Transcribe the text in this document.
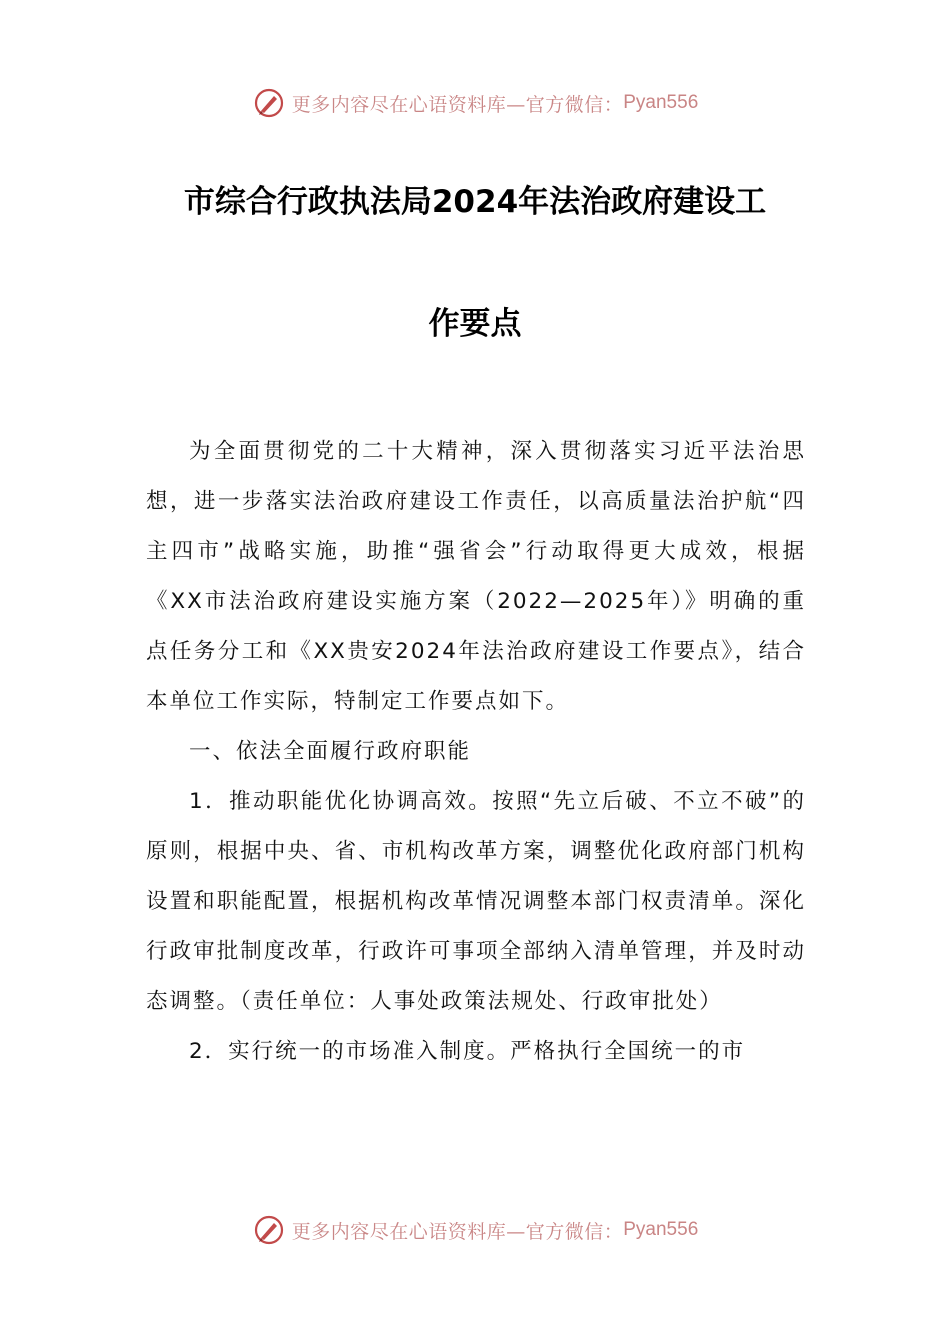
更多内容尽在心语资料库—官方微信： Pyan556
市综合行政执法局2024年法治政府建设工
作要点

为全面贯彻党的二十大精神，深入贯彻落实习近平法治思　想，进一步落实法治政府建设工作责任，以高质量法治护航“四主四市”战略实施，助推“强省会”行动取得更大成效，根据《XX市法治政府建设实施方案（2022—2025年）》明确的重点任务分工和《XX贵安2024年法治政府建设工作要点》，结合本单位工作实际，特制定工作要点如下。

一、依法全面履行政府职能

1．推动职能优化协调高效。按照“先立后破、不立不破”的原则，根据中央、省、市机构改革方案，调整优化政府部门机构设置和职能配置，根据机构改革情况调整本部门权责清单。深化行政审批制度改革，行政许可事项全部纳入清单管理，并及时动态调整。（责任单位：人事处政策法规处、行政审批处）

2．实行统一的市场准入制度。严格执行全国统一的市

更多内容尽在心语资料库—官方微信： Pyan556
